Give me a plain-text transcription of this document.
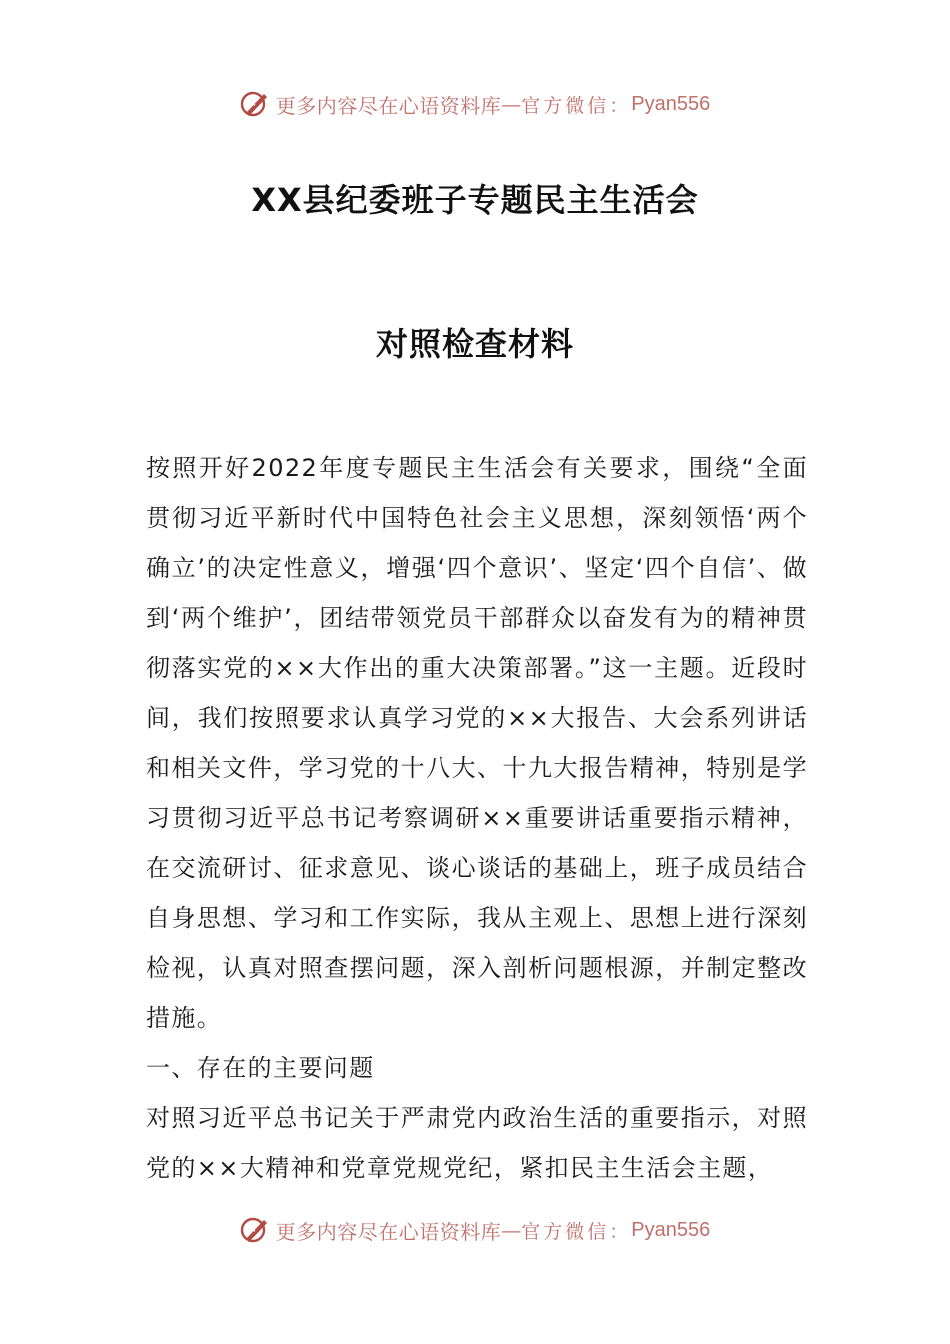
更多内容尽在心语资料库 — 官方微信： Pyan556
XX县纪委班子专题民主生活会
对照检查材料

按照开好2022年度专题民主生活会有关要求，围绕“全面贯彻习近平新时代中国特色社会主义思想，深刻领悟‘两个确立’的决定性意义，增强‘四个意识’、坚定‘四个自信’、做到‘两个维护’，团结带领党员干部群众以奋发有为的精神贯彻落实党的××大作出的重大决策部署。”这一主题。近段时间，我们按照要求认真学习党的××大报告、大会系列讲话和相关文件，学习党的十八大、十九大报告精神，特别是学习贯彻习近平总书记考察调研××重要讲话重要指示精神，在交流研讨、征求意见、谈心谈话的基础上，班子成员结合自身思想、学习和工作实际，我从主观上、思想上进行深刻检视，认真对照查摆问题，深入剖析问题根源，并制定整改措施。

一、存在的主要问题

对照习近平总书记关于严肃党内政治生活的重要指示，对照党的××大精神和党章党规党纪，紧扣民主生活会主题，

更多内容尽在心语资料库 — 官方微信： Pyan556
